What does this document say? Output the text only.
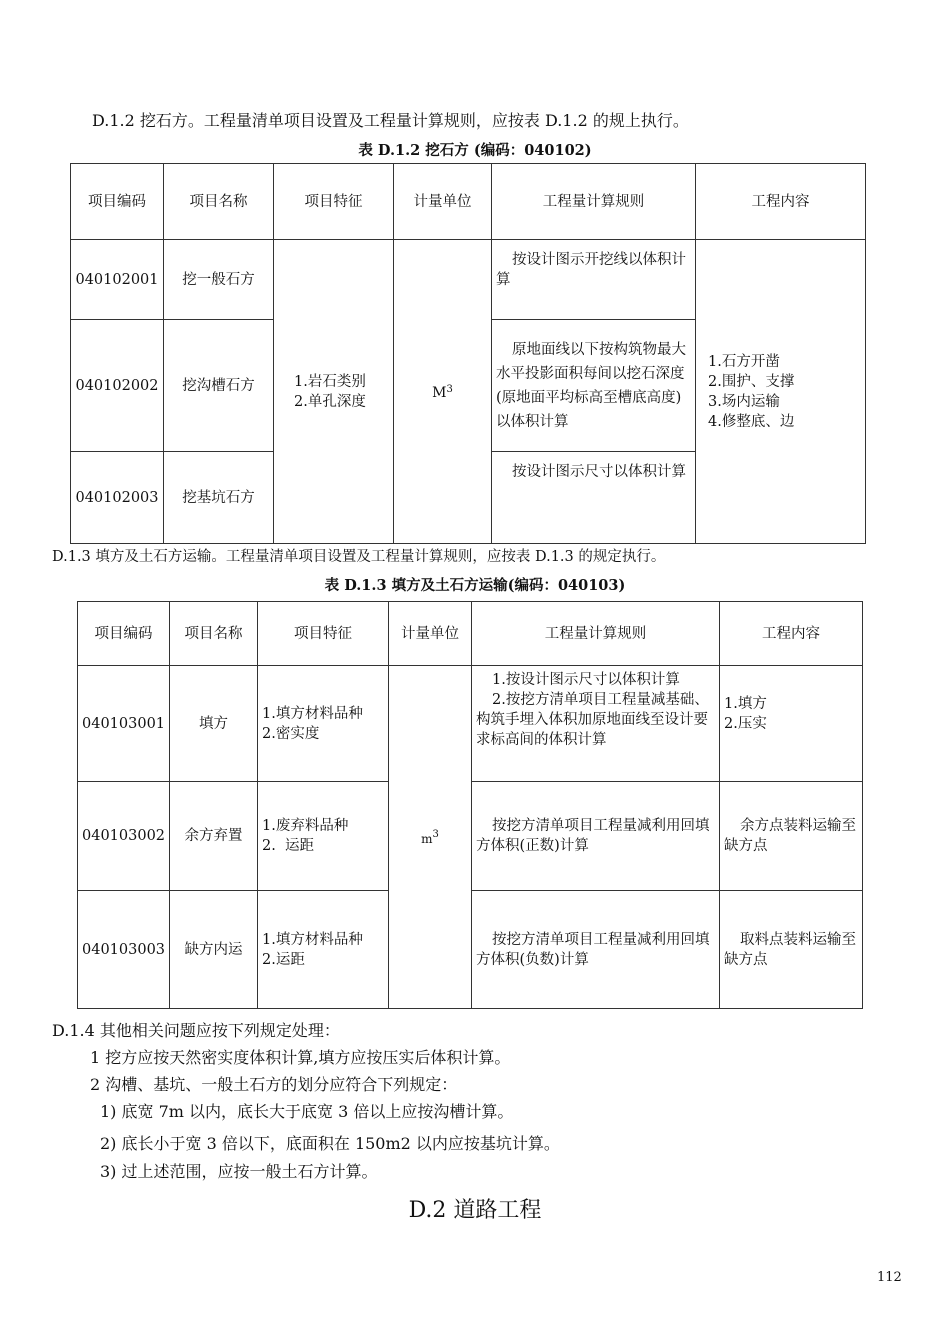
D.1.2 挖石方。工程量清单项目设置及工程量计算规则，应按表 D.1.2 的规上执行。
表 D.1.2 挖石方 (编码：040102)
项目编码	项目名称	项目特征	计量单位	工程量计算规则	工程内容
040102001	挖一般石方	1.岩石类别
2.单孔深度	$M^3$	按设计图示开挖线以体积计算	1.石方开凿
2.围护、支撑
3.场内运输
4.修整底、边

040102002	挖沟槽石方			原地面线以下按构筑物最大水平投影面积每间以挖石深度(原地面平均标高至槽底高度)以体积计算	

040102003	挖基坑石方			按设计图示尺寸以体积计算	
D.1.3 填方及土石方运输。工程量清单项目设置及工程量计算规则，应按表 D.1.3 的规定执行。
表 D.1.3 填方及土石方运输(编码：040103)
项目编码	项目名称	项目特征	计量单位	工程量计算规则	工程内容
040103001	填方	1.填方材料品种
2.密实度	$m^3$	1.按设计图示尺寸以体积计算
2.按挖方清单项目工程量减基础、构筑手埋入体积加原地面线至设计要求标高间的体积计算	1.填方
2.压实

040103002	余方弃置	1.废弃料品种
2.  运距		按挖方清单项目工程量减利用回填方体积(正数)计算	余方点装料运输至缺方点

040103003	缺方内运	1.填方材料品种
2.运距		按挖方清单项目工程量减利用回填方体积(负数)计算	取料点装料运输至缺方点
D.1.4 其他相关问题应按下列规定处理：
1 挖方应按天然密实度体积计算,填方应按压实后体积计算。
2 沟槽、基坑、一般土石方的划分应符合下列规定：
1) 底宽 7m 以内，底长大于底宽 3 倍以上应按沟槽计算。
2) 底长小于宽 3 倍以下，底面积在 150m2 以内应按基坑计算。
3) 过上述范围，应按一般土石方计算。
D.2 道路工程
112
